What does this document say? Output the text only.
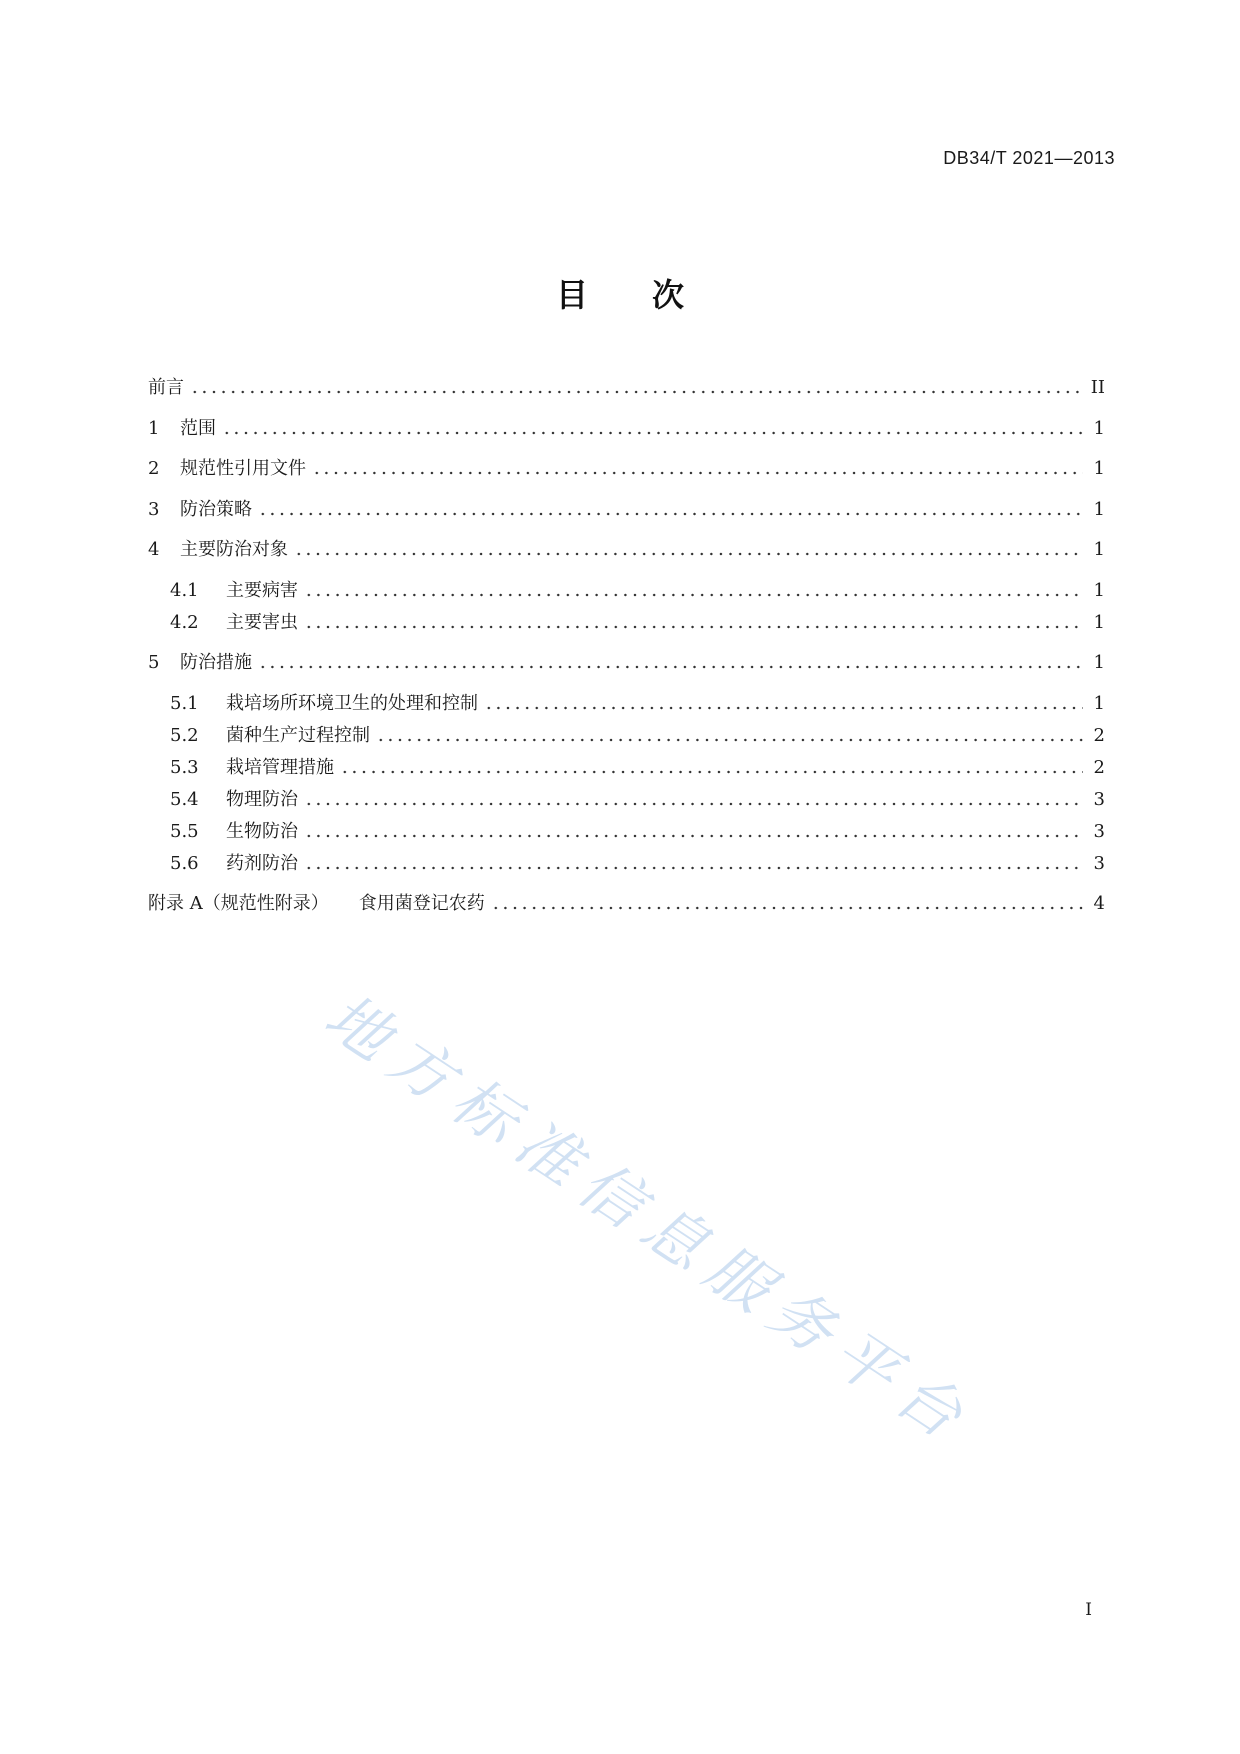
DB34/T 2021—2013
目　　次
前言	II
1	范围	1
2	规范性引用文件	1
3	防治策略	1
4	主要防治对象	1
4.1	主要病害	1
4.2	主要害虫	1
5	防治措施	1
5.1	栽培场所环境卫生的处理和控制	1
5.2	菌种生产过程控制	2
5.3	栽培管理措施	2
5.4	物理防治	3
5.5	生物防治	3
5.6	药剂防治	3
附录 A（规范性附录）	食用菌登记农药	4
地方标准信息服务平台
I
